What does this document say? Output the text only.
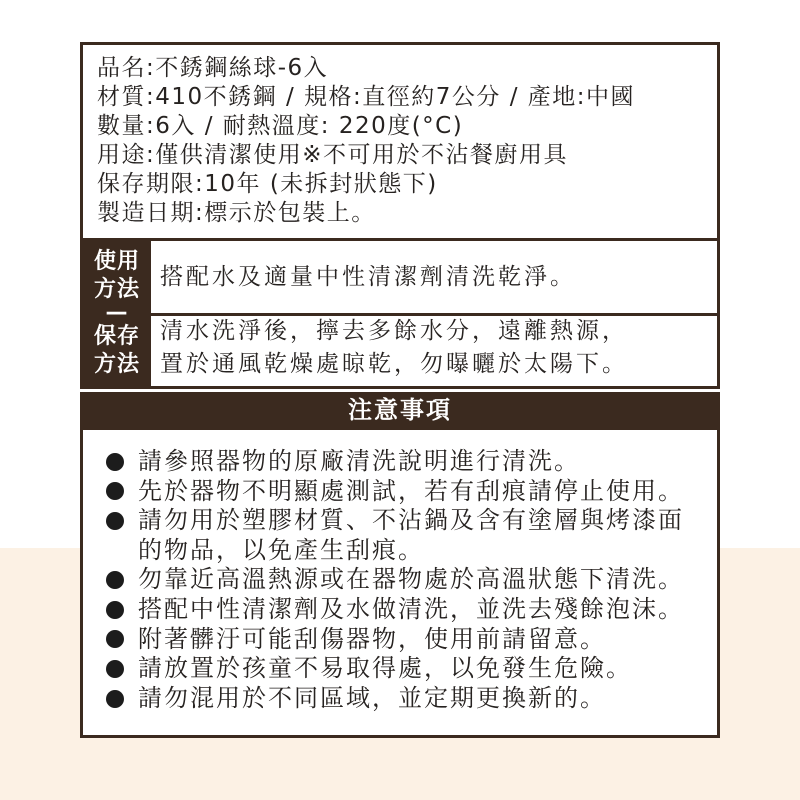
品名:不銹鋼絲球-6入
材質:410不銹鋼 / 規格:直徑約7公分 / 產地:中國
數量:6入 / 耐熱溫度: 220度(°C)
用途:僅供清潔使用※不可用於不沾餐廚用具
保存期限:10年 (未拆封狀態下)
製造日期:標示於包裝上。
使用
方法
—
保存
方法
搭配水及適量中性清潔劑清洗乾淨。
清水洗淨後，擰去多餘水分，遠離熱源，
置於通風乾燥處晾乾，勿曝曬於太陽下。
注意事項
請參照器物的原廠清洗說明進行清洗。
先於器物不明顯處測試，若有刮痕請停止使用。
請勿用於塑膠材質、不沾鍋及含有塗層與烤漆面
的物品，以免產生刮痕。
勿靠近高溫熱源或在器物處於高溫狀態下清洗。
搭配中性清潔劑及水做清洗，並洗去殘餘泡沫。
附著髒汙可能刮傷器物，使用前請留意。
請放置於孩童不易取得處，以免發生危險。
請勿混用於不同區域，並定期更換新的。
